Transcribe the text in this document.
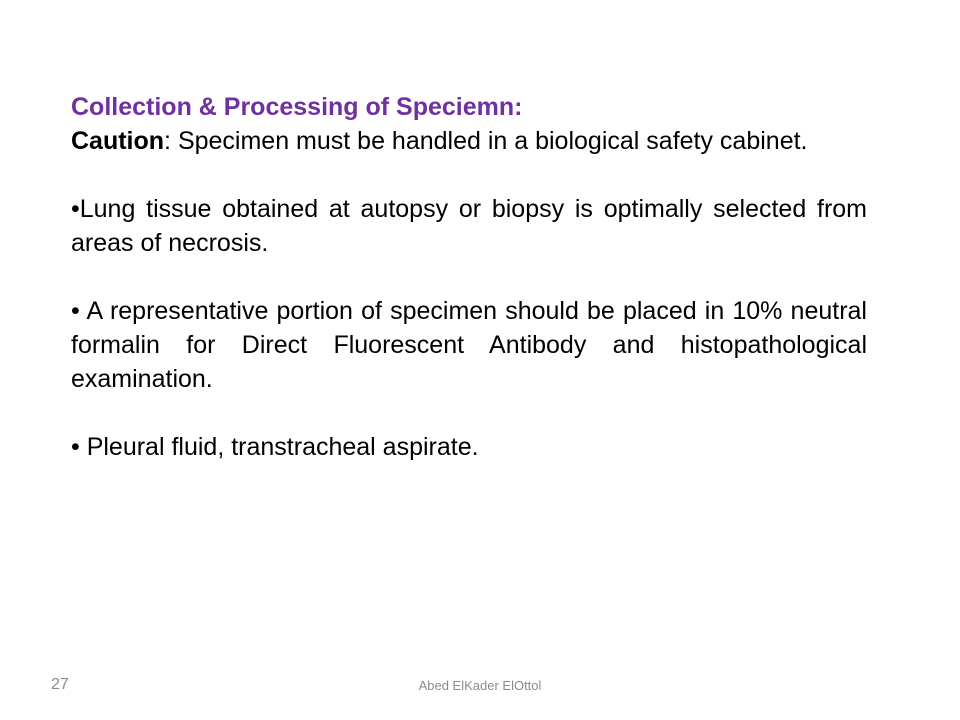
Collection & Processing of Speciemn:

Caution: Specimen must be handled in a biological safety cabinet.

•Lung tissue obtained at autopsy or biopsy is optimally selected from areas of necrosis.

• A representative portion of specimen should be placed in 10% neutral formalin for Direct Fluorescent Antibody and histopathological examination.

• Pleural fluid, transtracheal aspirate.

27	Abed ElKader ElOttol
